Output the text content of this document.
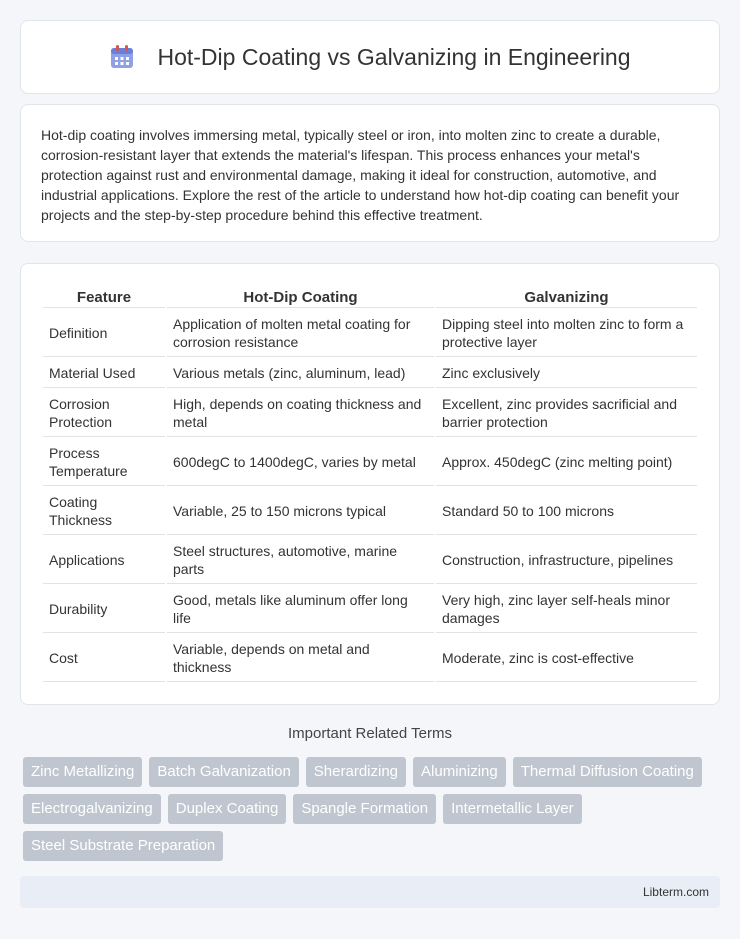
Hot-Dip Coating vs Galvanizing in Engineering

Hot-dip coating involves immersing metal, typically steel or iron, into molten zinc to create a durable, corrosion-resistant layer that extends the material's lifespan. This process enhances your metal's protection against rust and environmental damage, making it ideal for construction, automotive, and industrial applications. Explore the rest of the article to understand how hot-dip coating can benefit your projects and the step-by-step procedure behind this effective treatment.

Feature	Hot-Dip Coating	Galvanizing
Definition	Application of molten metal coating for corrosion resistance	Dipping steel into molten zinc to form a protective layer
Material Used	Various metals (zinc, aluminum, lead)	Zinc exclusively
Corrosion Protection	High, depends on coating thickness and metal	Excellent, zinc provides sacrificial and barrier protection
Process Temperature	600degC to 1400degC, varies by metal	Approx. 450degC (zinc melting point)
Coating Thickness	Variable, 25 to 150 microns typical	Standard 50 to 100 microns
Applications	Steel structures, automotive, marine parts	Construction, infrastructure, pipelines
Durability	Good, metals like aluminum offer long life	Very high, zinc layer self-heals minor damages
Cost	Variable, depends on metal and thickness	Moderate, zinc is cost-effective
Important Related Terms
Zinc Metallizing	Batch Galvanization	Sherardizing	Aluminizing	Thermal Diffusion Coating
Electrogalvanizing	Duplex Coating	Spangle Formation	Intermetallic Layer
Steel Substrate Preparation
Libterm.com
